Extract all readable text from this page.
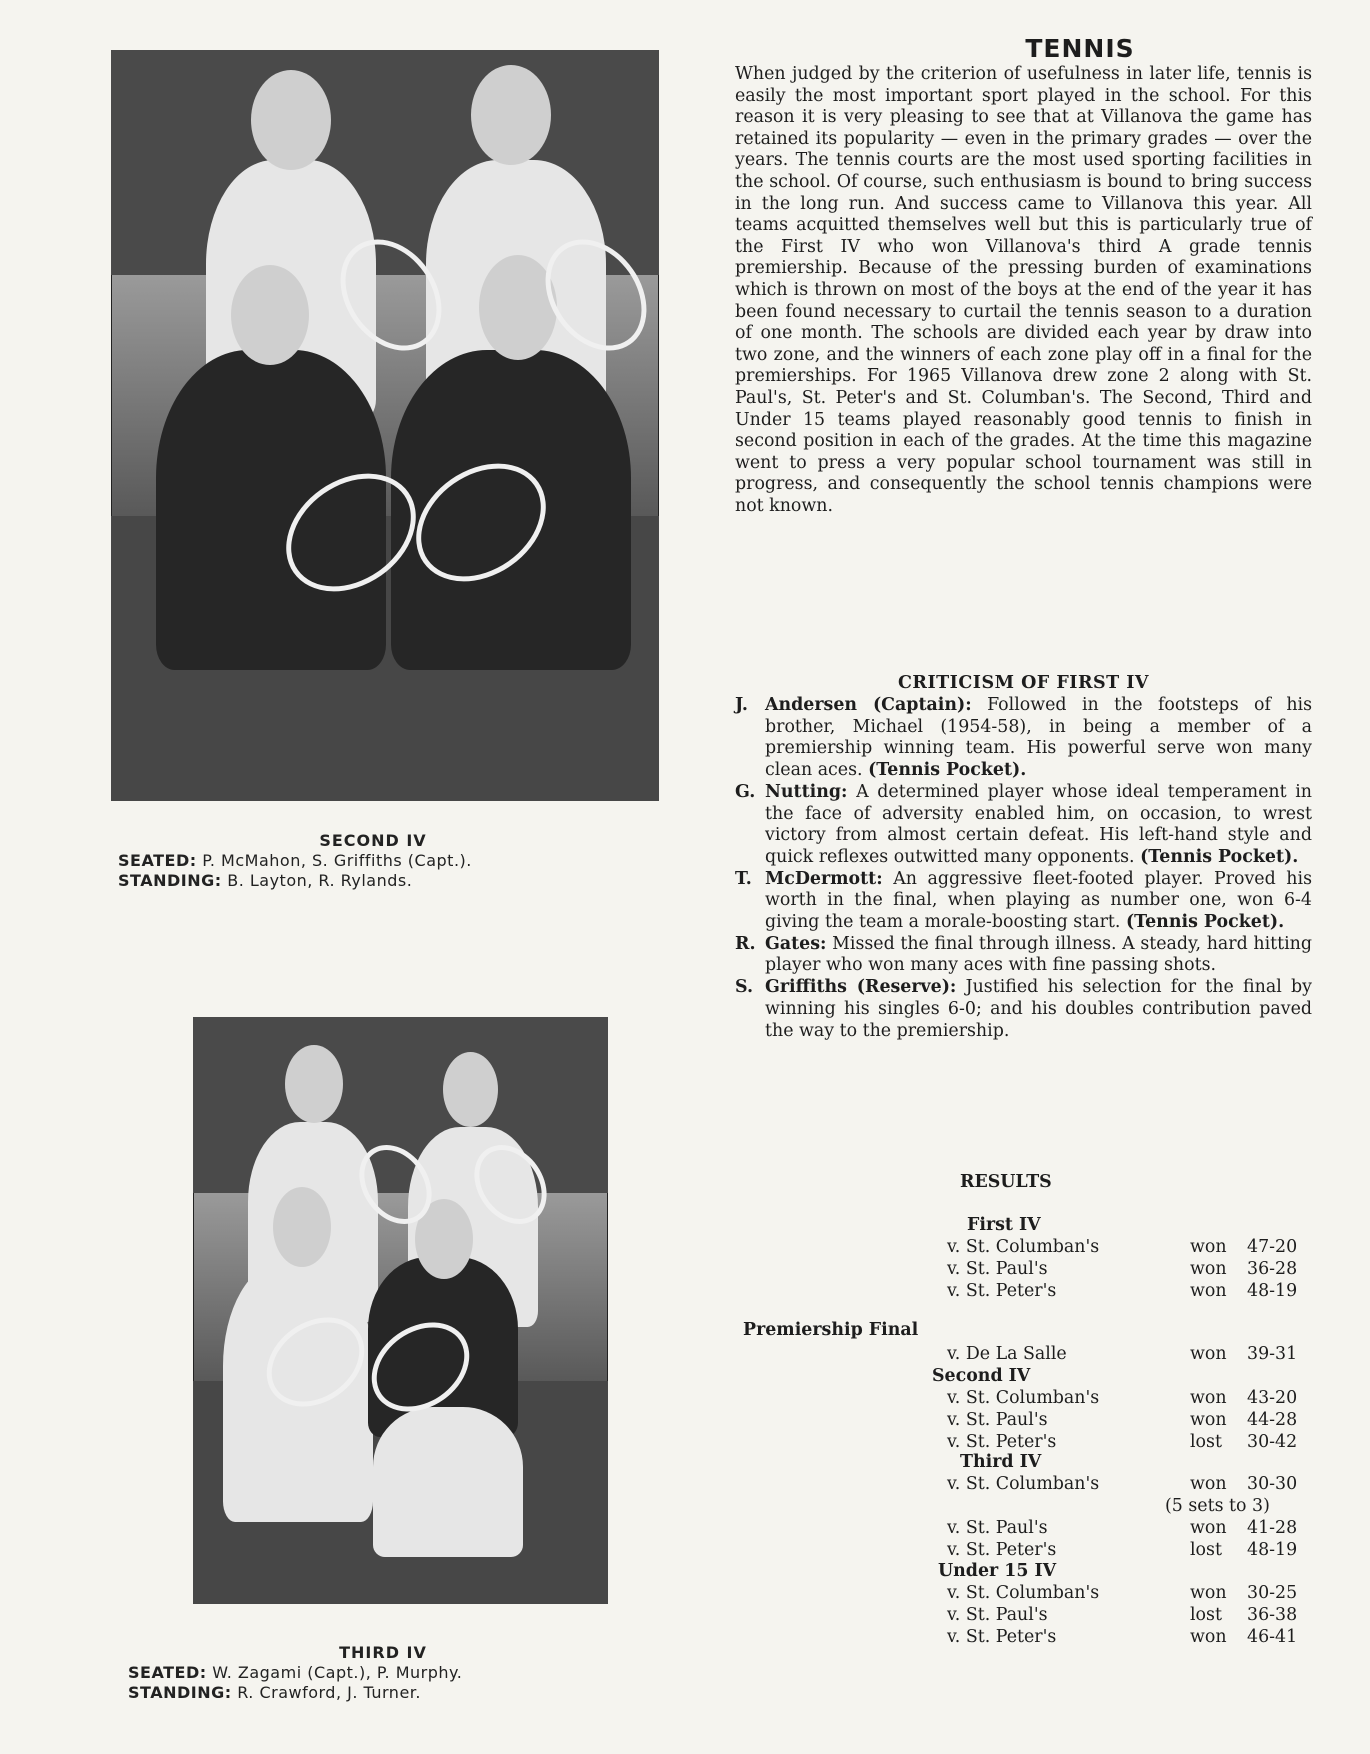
SECOND IV
SEATED: P. McMahon, S. Griffiths (Capt.).
STANDING: B. Layton, R. Rylands.
THIRD IV
SEATED: W. Zagami (Capt.), P. Murphy.
STANDING: R. Crawford, J. Turner.
TENNIS
When judged by the criterion of usefulness in later life, tennis is easily the most important sport played in the school. For this reason it is very pleasing to see that at Villanova the game has retained its popularity — even in the primary grades — over the years. The tennis courts are the most used sporting facilities in the school. Of course, such enthusiasm is bound to bring success in the long run. And success came to Villanova this year. All teams acquitted themselves well but this is particularly true of the First IV who won Villanova's third A grade tennis premiership. Because of the pressing burden of examinations which is thrown on most of the boys at the end of the year it has been found necessary to curtail the tennis season to a duration of one month. The schools are divided each year by draw into two zone, and the winners of each zone play off in a final for the premierships. For 1965 Villanova drew zone 2 along with St. Paul's, St. Peter's and St. Columban's. The Second, Third and Under 15 teams played reasonably good tennis to finish in second position in each of the grades. At the time this magazine went to press a very popular school tournament was still in progress, and consequently the school tennis champions were not known.
CRITICISM OF FIRST IV
J. Andersen (Captain): Followed in the footsteps of his brother, Michael (1954-58), in being a member of a premiership winning team. His powerful serve won many clean aces. (Tennis Pocket).
G. Nutting: A determined player whose ideal temperament in the face of adversity enabled him, on occasion, to wrest victory from almost certain defeat. His left-hand style and quick reflexes outwitted many opponents. (Tennis Pocket).
T. McDermott: An aggressive fleet-footed player. Proved his worth in the final, when playing as number one, won 6-4 giving the team a morale-boosting start. (Tennis Pocket).
R. Gates: Missed the final through illness. A steady, hard hitting player who won many aces with fine passing shots.
S. Griffiths (Reserve): Justified his selection for the final by winning his singles 6-0; and his doubles contribution paved the way to the premiership.
RESULTS
First IV
v. St. Columban's	won 47-20
v. St. Paul's	won 36-28
v. St. Peter's	won 48-19
Premiership Final
v. De La Salle	won 39-31
Second IV
v. St. Columban's	won 43-20
v. St. Paul's	won 44-28
v. St. Peter's	lost 30-42
Third IV
v. St. Columban's	won 30-30
(5 sets to 3)
v. St. Paul's	won 41-28
v. St. Peter's	lost 48-19
Under 15 IV
v. St. Columban's	won 30-25
v. St. Paul's	lost 36-38
v. St. Peter's	won 46-41
